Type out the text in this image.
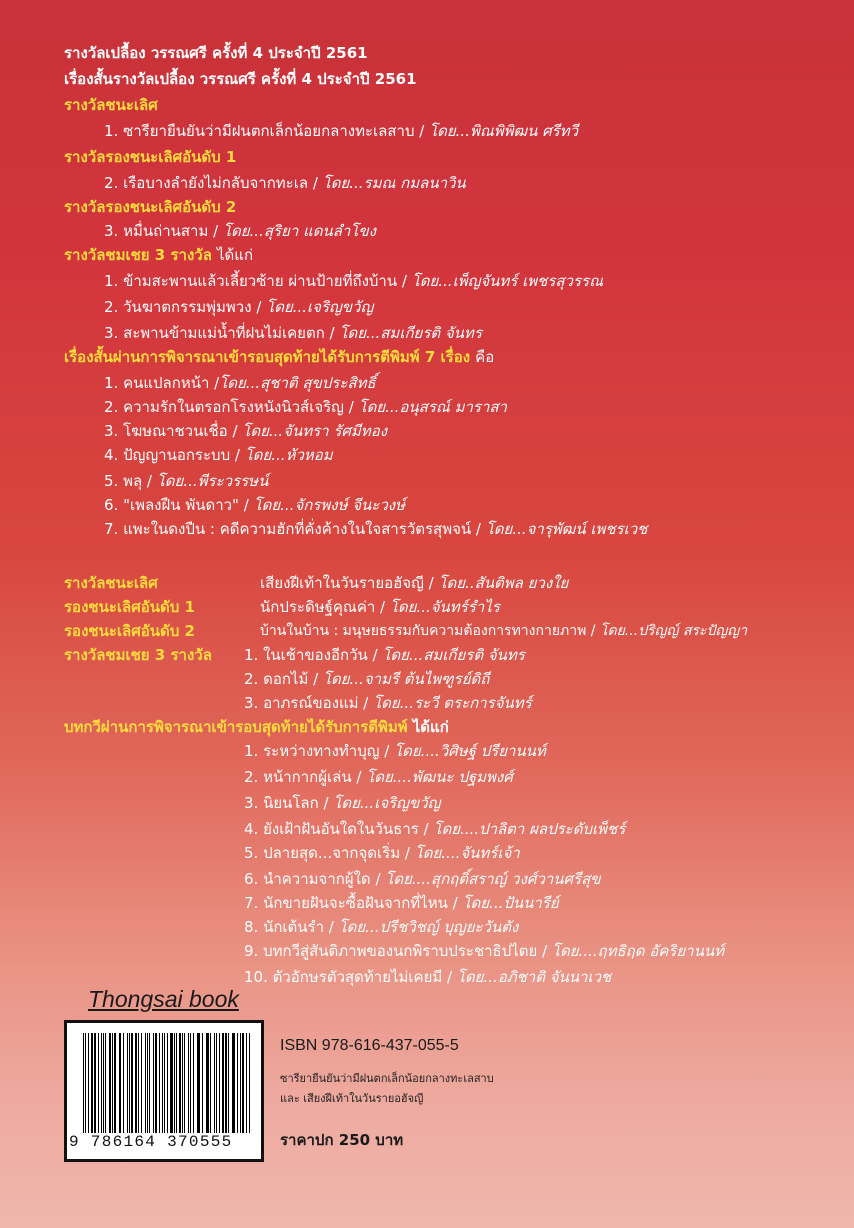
รางวัลเปลื้อง วรรณศรี ครั้งที่ 4 ประจำปี 2561
เรื่องสั้นรางวัลเปลื้อง วรรณศรี ครั้งที่ 4 ประจำปี 2561
รางวัลชนะเลิศ
1. ซารียายืนยันว่ามีฝนตกเล็กน้อยกลางทะเลสาบ / โดย...พิณพิพิฒน ศรีทวี
รางวัลรองชนะเลิศอันดับ 1
2. เรือบางลำยังไม่กลับจากทะเล / โดย...รมณ กมลนาวิน
รางวัลรองชนะเลิศอันดับ 2
3. หมื่นถ่านสาม / โดย...สุริยา แดนลำโขง
รางวัลชมเชย 3 รางวัล ได้แก่
1. ข้ามสะพานแล้วเลี้ยวซ้าย ผ่านป้ายที่ถึงบ้าน / โดย...เพ็ญจันทร์ เพชรสุวรรณ
2. วันฆาตกรรมพุ่มพวง / โดย...เจริญขวัญ
3. สะพานข้ามแม่น้ำที่ฝนไม่เคยตก / โดย...สมเกียรติ จันทร
เรื่องสั้นผ่านการพิจารณาเข้ารอบสุดท้ายได้รับการตีพิมพ์ 7 เรื่อง คือ
1. คนแปลกหน้า /โดย...สุชาติ สุขประสิทธิ์
2. ความรักในตรอกโรงหนังนิวส์เจริญ / โดย...อนุสรณ์ มาราสา
3. โฆษณาชวนเชื่อ / โดย...จันทรา รัศมีทอง
4. ปัญญานอกระบบ / โดย...หัวหอม
5. พลุ / โดย...พีระวรรษน์
6. "เพลงฝืน พันดาว" / โดย...จักรพงษ์ จีนะวงษ์
7. แพะในดงปืน : คดีความฮักที่คั่งค้างในใจสารวัตรสุพจน์ / โดย...จารุพัฒน์ เพชรเวช
รางวัลชนะเลิศ	เสียงฝีเท้าในวันรายอฮัจญี / โดย..สันติพล ยวงใย
รองชนะเลิศอันดับ 1	นักประดิษฐ์คุณค่า / โดย...จันทร์รำไร
รองชนะเลิศอันดับ 2	บ้านในบ้าน : มนุษยธรรมกับความต้องการทางกายภาพ / โดย...ปริญญ์ สระปัญญา
รางวัลชมเชย 3 รางวัล 1. ในเช้าของอีกวัน / โดย...สมเกียรติ จันทร
2. ดอกไม้ / โดย...จามรี ต้นไพฑูรย์ดิถี
3. อาภรณ์ของแม่ / โดย...ระวี ตระการจันทร์
บทกวีผ่านการพิจารณาเข้ารอบสุดท้ายได้รับการตีพิมพ์ ได้แก่
1. ระหว่างทางทำบุญ / โดย....วิศิษฐ์ ปรียานนท์
2. หน้ากากผู้เล่น / โดย....พัฒนะ ปฐมพงศ์
3. นิยนโลก / โดย...เจริญขวัญ
4. ยังเฝ้าฝันอันใดในวันธาร / โดย....ปาลิตา ผลประดับเพ็ชร์
5. ปลายสุด...จากจุดเริ่ม / โดย....จันทร์เจ้า
6. นำความจากผู้ใด / โดย....สุกฤติ์สราญ์ วงศ์วานศรีสุข
7. นักขายฝันจะซื้อฝันจากที่ไหน / โดย...ปันนารีย์
8. นักเต้นรำ / โดย...ปรีชวิชญ์ บุญยะวันตัง
9. บทกวีสู่สันติภาพของนกพิราบประชาธิปไตย / โดย....ฤทธิฤด อัคริยานนท์
10. ตัวอักษรตัวสุดท้ายไม่เคยมี / โดย...อภิชาติ จันนาเวช
Thongsai book
9 786164 370555
ISBN 978-616-437-055-5
ซารียายืนยันว่ามีฝนตกเล็กน้อยกลางทะเลสาบ
และ เสียงฝีเท้าในวันรายอฮัจญี
ราคาปก 250 บาท
